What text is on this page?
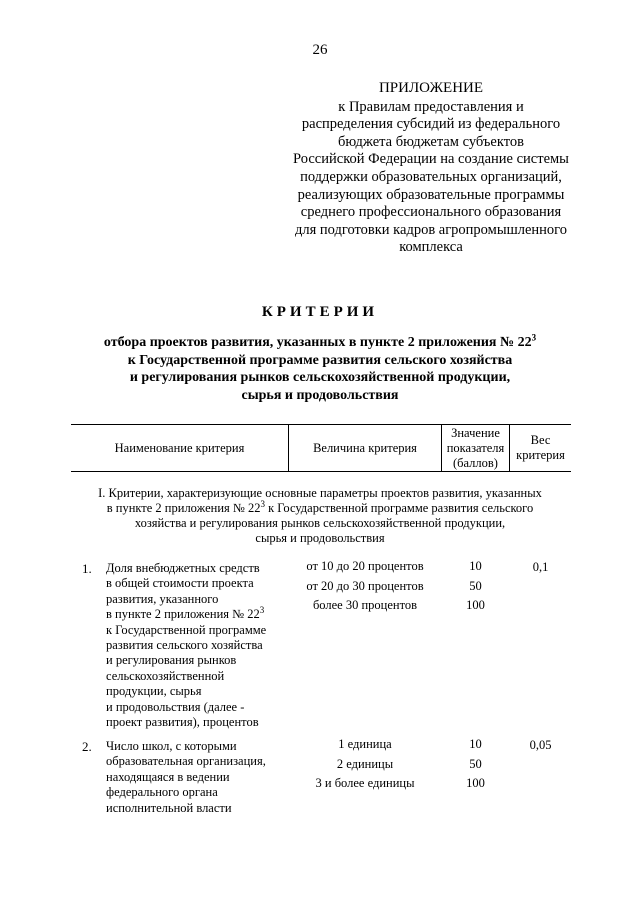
26
ПРИЛОЖЕНИЕ
к Правилам предоставления и
распределения субсидий из федерального
бюджета бюджетам субъектов
Российской Федерации на создание системы
поддержки образовательных организаций,
реализующих образовательные программы
среднего профессионального образования
для подготовки кадров агропромышленного
комплекса
КРИТЕРИИ
отбора проектов развития, указанных в пункте 2 приложения № $22^3$
к Государственной программе развития сельского хозяйства
и регулирования рынков сельскохозяйственной продукции,
сырья и продовольствия
Наименование критерия	Величина критерия
Значение
показателя
(баллов)
Вес
критерия
I. Критерии, характеризующие основные параметры проектов развития, указанных
в пункте 2 приложения № $22^3$ к Государственной программе развития сельского
хозяйства и регулирования рынков сельскохозяйственной продукции,
сырья и продовольствия
1. Доля внебюджетных средств
в общей стоимости проекта
развития, указанного
в пункте 2 приложения № $22^3$
к Государственной программе
развития сельского хозяйства
и регулирования рынков
сельскохозяйственной
продукции, сырья
и продовольствия (далее -
проект развития), процентов
от 10 до 20 процентов
от 20 до 30 процентов
более 30 процентов
10
50
100
0,1
2. Число школ, с которыми
образовательная организация,
находящаяся в ведении
федерального органа
исполнительной власти
1 единица
2 единицы
3 и более единицы
10
50
100
0,05
